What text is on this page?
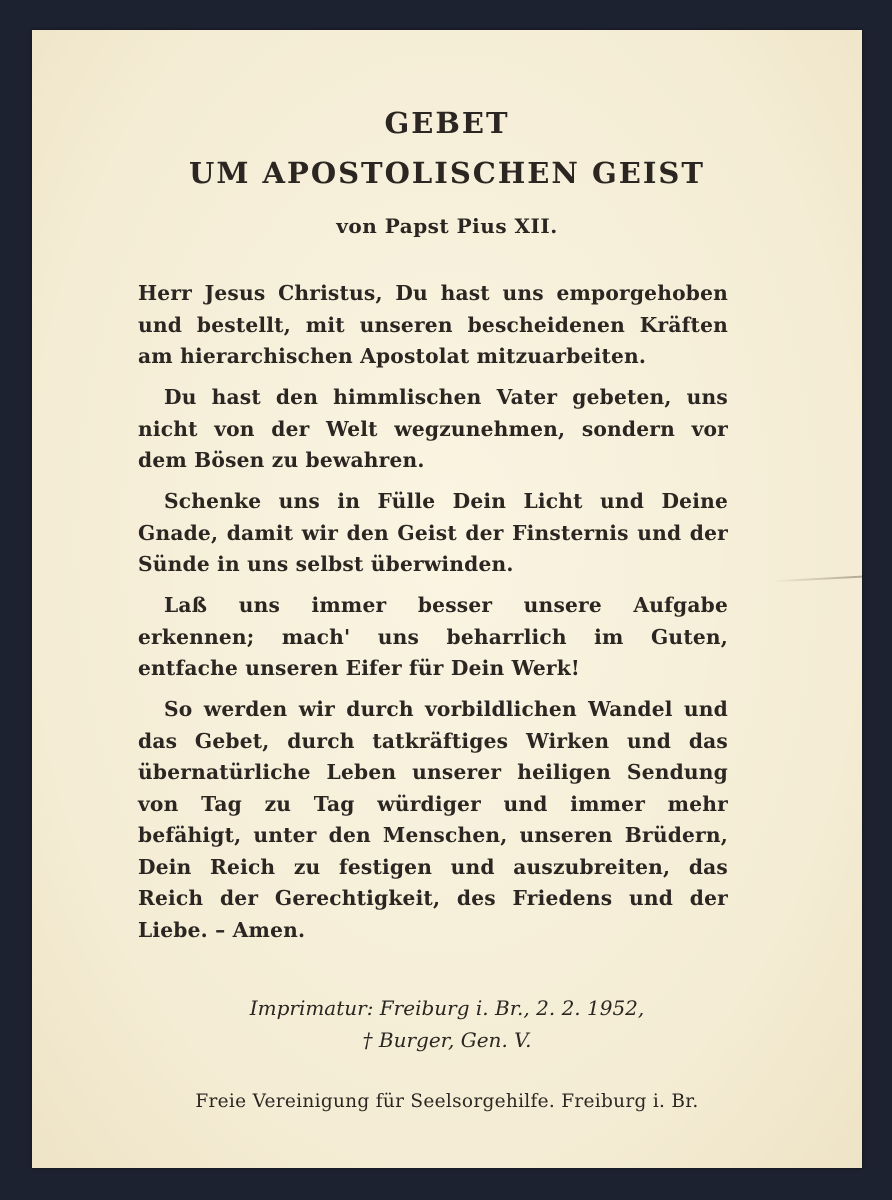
GEBET
UM APOSTOLISCHEN GEIST
von Papst Pius XII.

Herr Jesus Christus, Du hast uns emporgehoben und bestellt, mit unseren bescheidenen Kräften am hierarchischen Apostolat mitzuarbeiten.

Du hast den himmlischen Vater gebeten, uns nicht von der Welt wegzunehmen, sondern vor dem Bösen zu bewahren.

Schenke uns in Fülle Dein Licht und Deine Gnade, damit wir den Geist der Finsternis und der Sünde in uns selbst überwinden.

Laß uns immer besser unsere Aufgabe erkennen; mach' uns beharrlich im Guten, entfache unseren Eifer für Dein Werk!

So werden wir durch vorbildlichen Wandel und das Gebet, durch tatkräftiges Wirken und das übernatürliche Leben unserer heiligen Sendung von Tag zu Tag würdiger und immer mehr befähigt, unter den Menschen, unseren Brüdern, Dein Reich zu festigen und auszubreiten, das Reich der Gerechtigkeit, des Friedens und der Liebe. – Amen.

Imprimatur: Freiburg i. Br., 2. 2. 1952,
† Burger, Gen. V.
Freie Vereinigung für Seelsorgehilfe. Freiburg i. Br.
